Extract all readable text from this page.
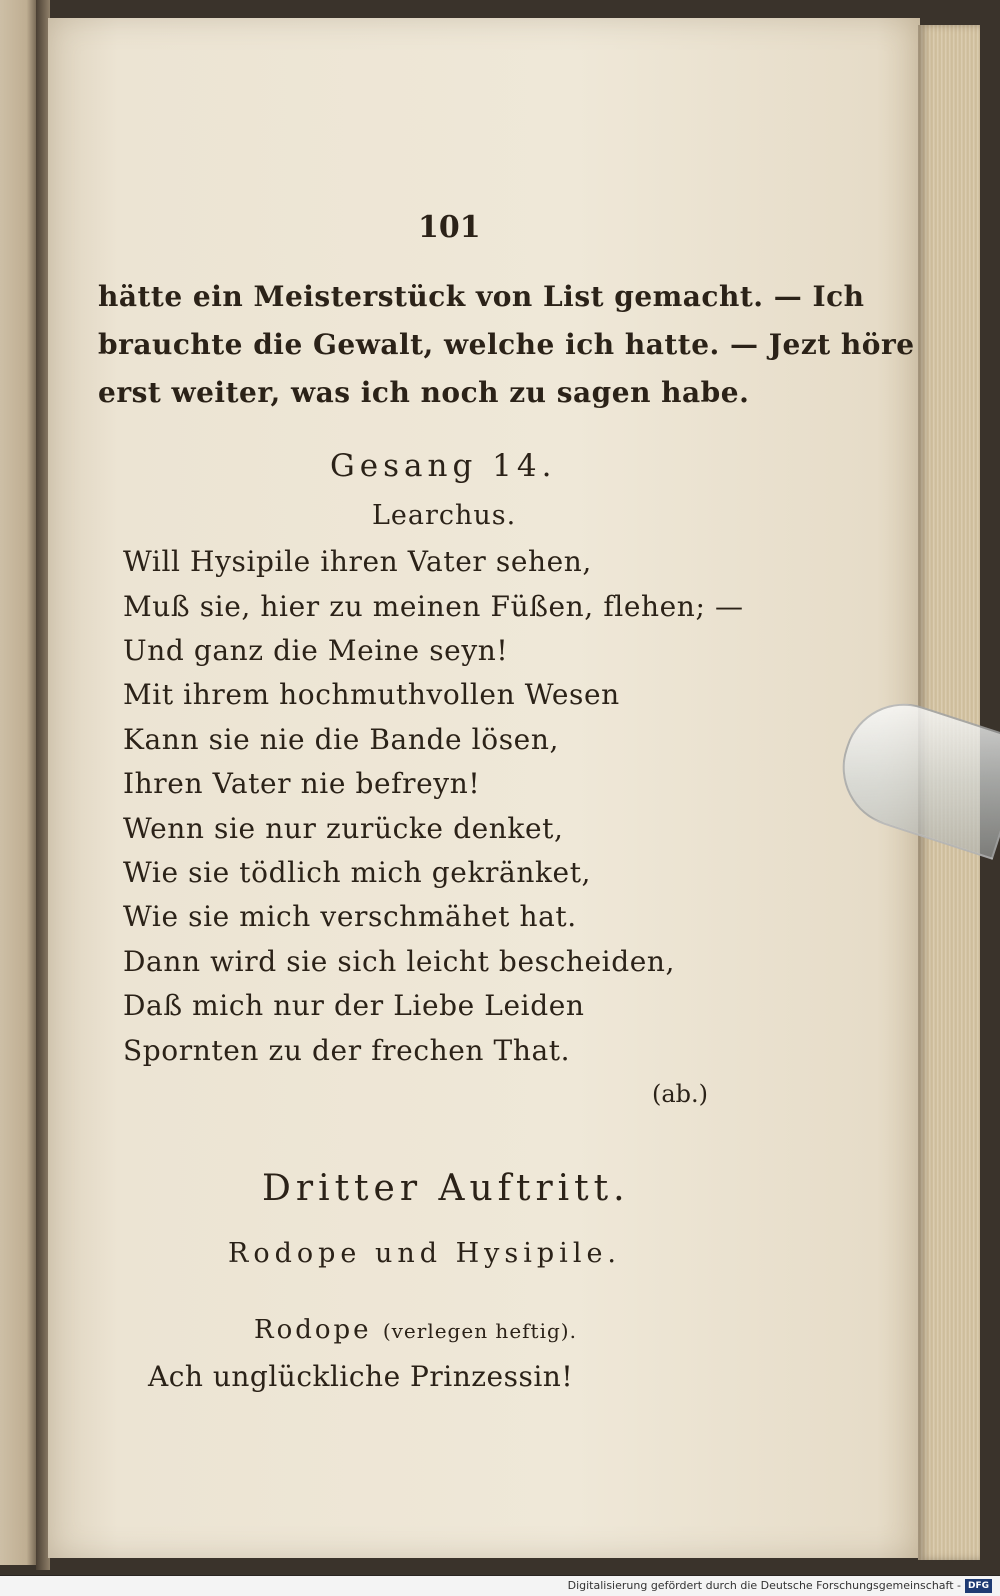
101
hätte ein Meisterstück von List gemacht. — Ich
brauchte die Gewalt, welche ich hatte. — Jezt höre
erst weiter, was ich noch zu sagen habe.
Gesang 14.
Learchus.
Will Hysipile ihren Vater sehen,
Muß sie, hier zu meinen Füßen, flehen; —
Und ganz die Meine seyn!
Mit ihrem hochmuthvollen Wesen
Kann sie nie die Bande lösen,
Ihren Vater nie befreyn!
Wenn sie nur zurücke denket,
Wie sie tödlich mich gekränket,
Wie sie mich verschmähet hat.
Dann wird sie sich leicht bescheiden,
Daß mich nur der Liebe Leiden
Spornten zu der frechen That.
(ab.)
Dritter Auftritt.
Rodope und Hysipile.
Rodope (verlegen heftig).
Ach unglückliche Prinzessin!
Digitalisierung gefördert durch die Deutsche Forschungsgemeinschaft - DFG
